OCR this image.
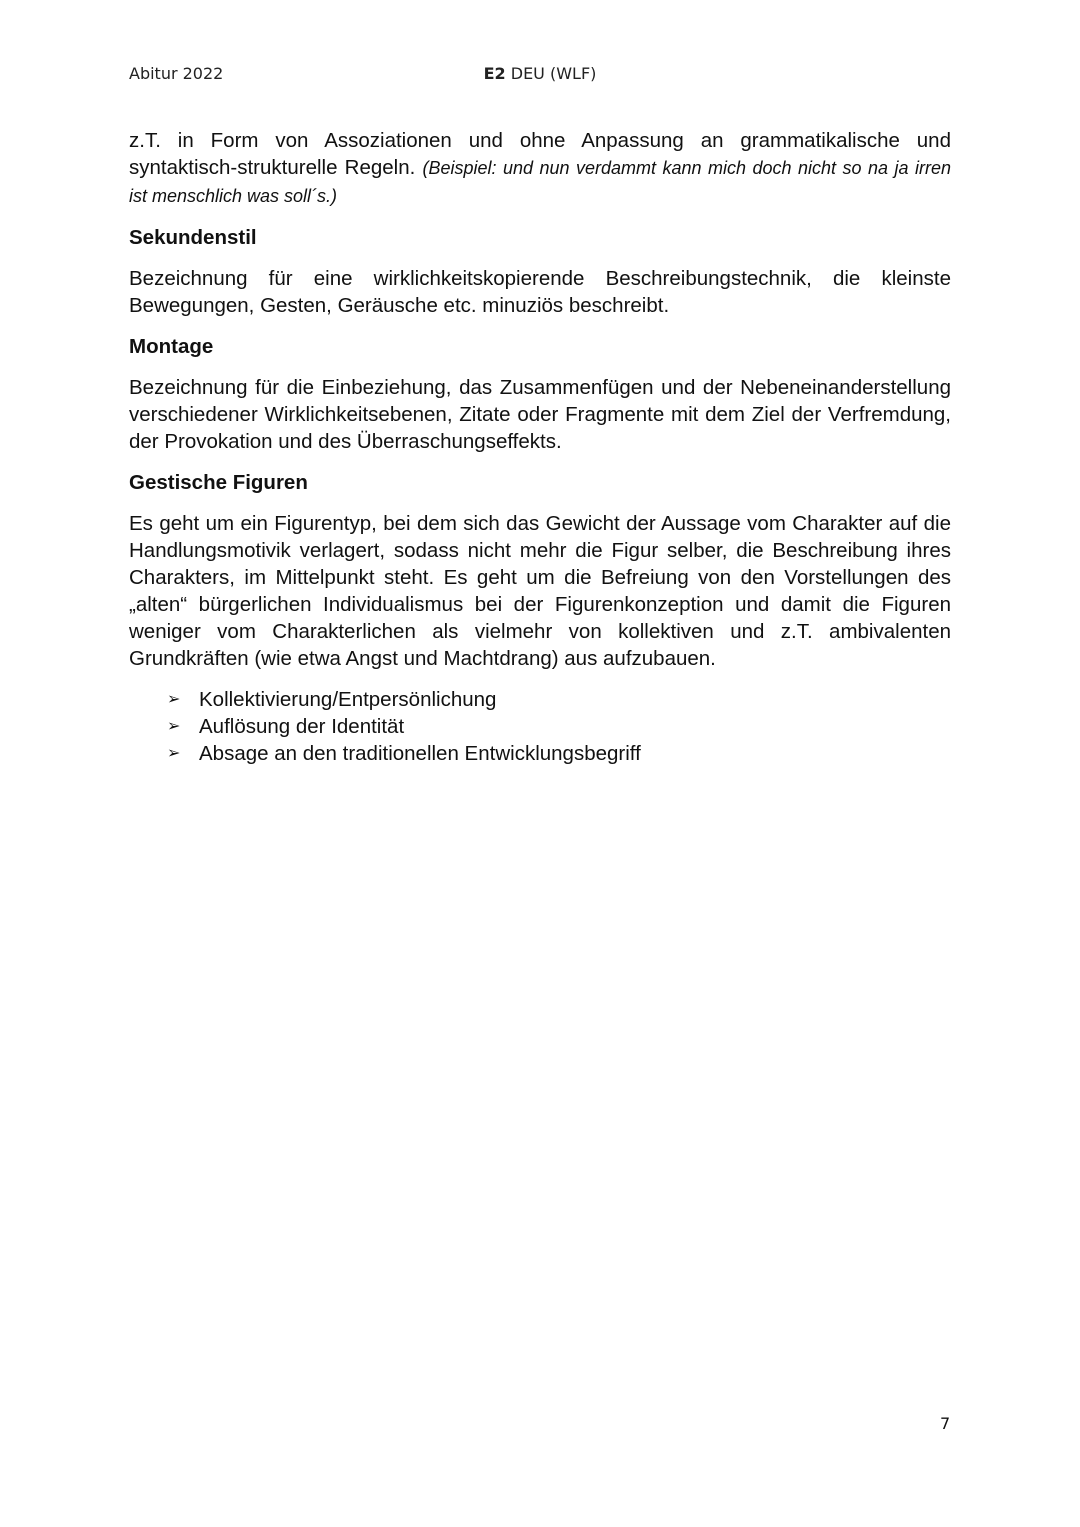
Abitur 2022	E2 DEU (WLF)

z.T. in Form von Assoziationen und ohne Anpassung an grammatikalische und syntaktisch-strukturelle Regeln. (Beispiel: und nun verdammt kann mich doch nicht so na ja irren ist menschlich was soll´s.)

Sekundenstil

Bezeichnung für eine wirklichkeitskopierende Beschreibungstechnik, die kleinste Bewegungen, Gesten, Geräusche etc. minuziös beschreibt.

Montage

Bezeichnung für die Einbeziehung, das Zusammenfügen und der Nebeneinanderstellung verschiedener Wirklichkeitsebenen, Zitate oder Fragmente mit dem Ziel der Verfremdung, der Provokation und des Überraschungseffekts.

Gestische Figuren

Es geht um ein Figurentyp, bei dem sich das Gewicht der Aussage vom Charakter auf die Handlungsmotivik verlagert, sodass nicht mehr die Figur selber, die Beschreibung ihres Charakters, im Mittelpunkt steht. Es geht um die Befreiung von den Vorstellungen des „alten“ bürgerlichen Individualismus bei der Figurenkonzeption und damit die Figuren weniger vom Charakterlichen als vielmehr von kollektiven und z.T. ambivalenten Grundkräften (wie etwa Angst und Machtdrang) aus aufzubauen.

➢ Kollektivierung/Entpersönlichung
➢ Auflösung der Identität
➢ Absage an den traditionellen Entwicklungsbegriff
7
